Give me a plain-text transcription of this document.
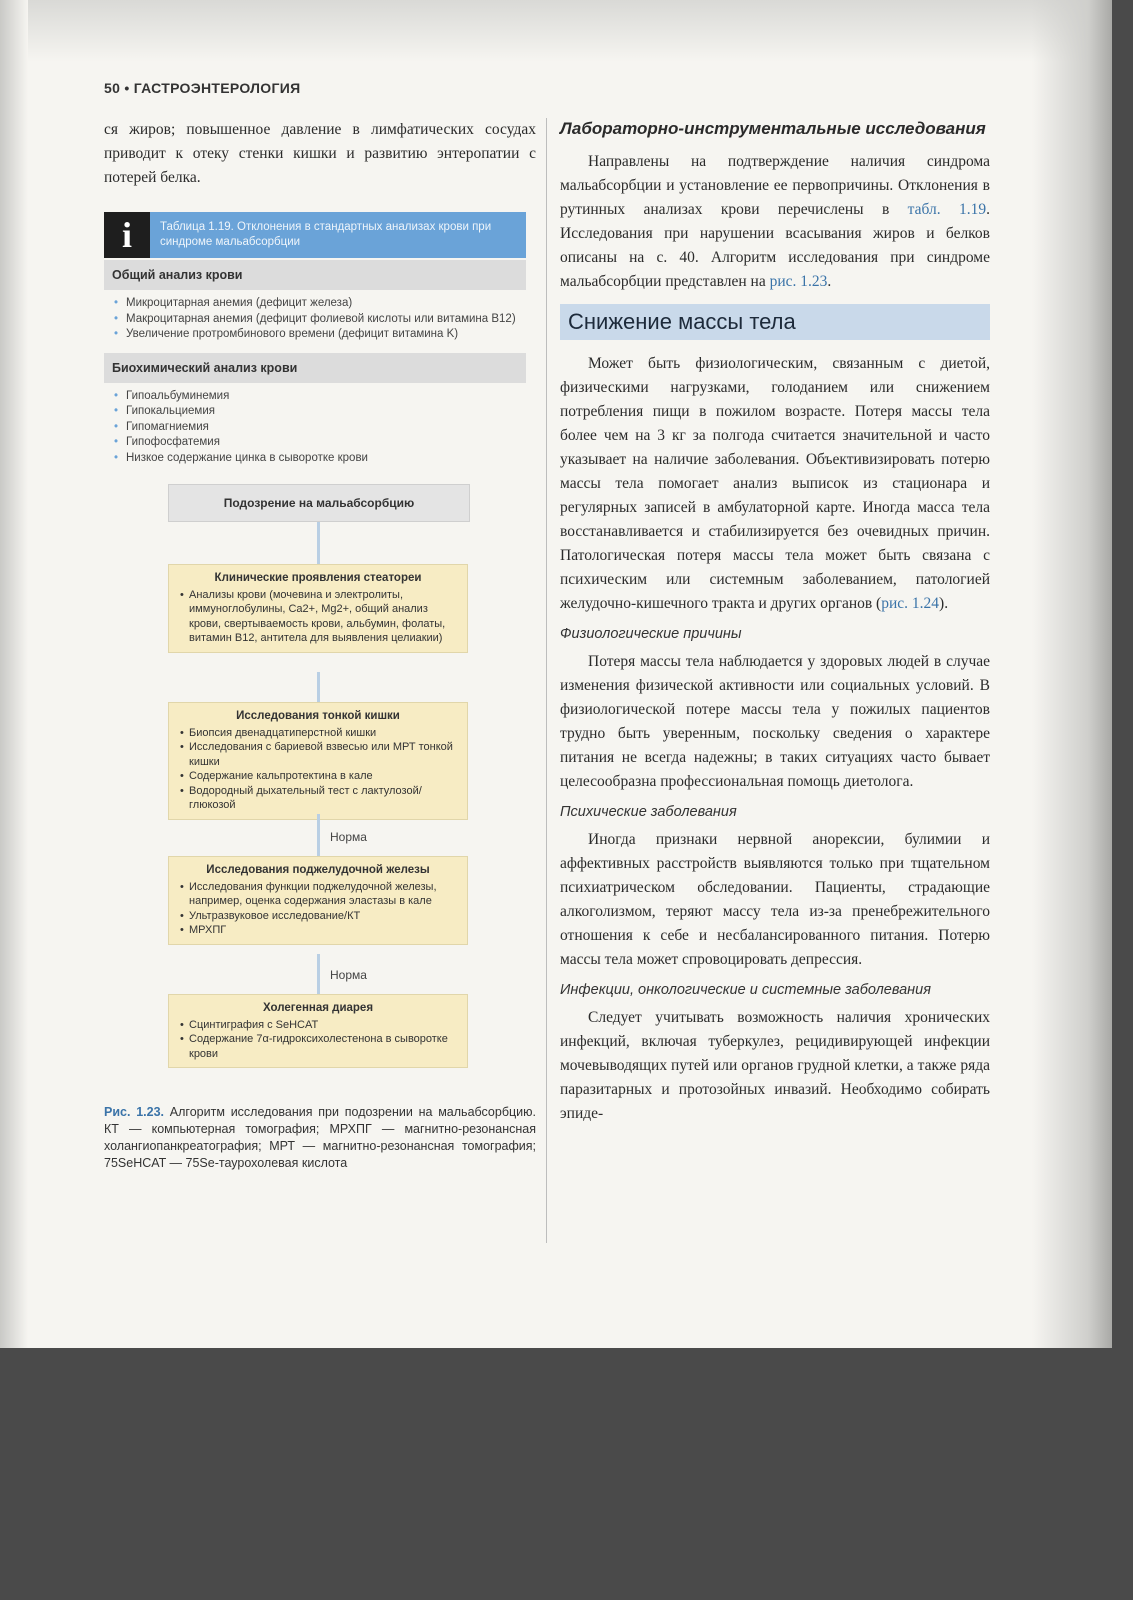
50 • ГАСТРОЭНТЕРОЛОГИЯ

ся жиров; повышенное давление в лимфатических сосудах приводит к отеку стенки кишки и развитию энтеропатии с потерей белка.

i	Таблица 1.19. Отклонения в стандартных анализах крови при синдроме мальабсорбции
Общий анализ крови
• Микроцитарная анемия (дефицит железа)
• Макроцитарная анемия (дефицит фолиевой кислоты или витамина B12)
• Увеличение протромбинового времени (дефицит витамина K)
Биохимический анализ крови
• Гипоальбуминемия
• Гипокальциемия
• Гипомагниемия
• Гипофосфатемия
• Низкое содержание цинка в сыворотке крови
Подозрение на мальабсорбцию
Клинические проявления стеатореи
• Анализы крови (мочевина и электролиты, иммуноглобулины, Ca2+, Mg2+, общий анализ крови, свертываемость крови, альбумин, фолаты, витамин B12, антитела для выявления целиакии)
Исследования тонкой кишки
• Биопсия двенадцатиперстной кишки
• Исследования с бариевой взвесью или МРТ тонкой кишки
• Содержание кальпротектина в кале
• Водородный дыхательный тест с лактулозой/глюкозой
Норма
Исследования поджелудочной железы
• Исследования функции поджелудочной железы, например, оценка содержания эластазы в кале
• Ультразвуковое исследование/КТ
• МРХПГ
Норма
Холегенная диарея
• Сцинтиграфия с SeHCAT
• Содержание 7α-гидроксихолестенона в сыворотке крови
Рис. 1.23. Алгоритм исследования при подозрении на мальабсорбцию. КТ — компьютерная томография; МРХПГ — магнитно-резонансная холангиопанкреатография; МРТ — магнитно-резонансная томография; 75SeHCAT — 75Se-таурохолевая кислота
Лабораторно-инструментальные исследования

Направлены на подтверждение наличия синдрома мальабсорбции и установление ее первопричины. Отклонения в рутинных анализах крови перечислены в табл. 1.19. Исследования при нарушении всасывания жиров и белков описаны на с. 40. Алгоритм исследования при синдроме мальабсорбции представлен на рис. 1.23.

Снижение массы тела

Может быть физиологическим, связанным с диетой, физическими нагрузками, голоданием или снижением потребления пищи в пожилом возрасте. Потеря массы тела более чем на 3 кг за полгода считается значительной и часто указывает на наличие заболевания. Объективизировать потерю массы тела помогает анализ выписок из стационара и регулярных записей в амбулаторной карте. Иногда масса тела восстанавливается и стабилизируется без очевидных причин. Патологическая потеря массы тела может быть связана с психическим или системным заболеванием, патологией желудочно-кишечного тракта и других органов (рис. 1.24).

Физиологические причины

Потеря массы тела наблюдается у здоровых людей в случае изменения физической активности или социальных условий. В физиологической потере массы тела у пожилых пациентов трудно быть уверенным, поскольку сведения о характере питания не всегда надежны; в таких ситуациях часто бывает целесообразна профессиональная помощь диетолога.

Психические заболевания

Иногда признаки нервной анорексии, булимии и аффективных расстройств выявляются только при тщательном психиатрическом обследовании. Пациенты, страдающие алкоголизмом, теряют массу тела из-за пренебрежительного отношения к себе и несбалансированного питания. Потерю массы тела может спровоцировать депрессия.

Инфекции, онкологические и системные заболевания

Следует учитывать возможность наличия хронических инфекций, включая туберкулез, рецидивирующей инфекции мочевыводящих путей или органов грудной клетки, а также ряда паразитарных и протозойных инвазий. Необходимо собирать эпиде-
